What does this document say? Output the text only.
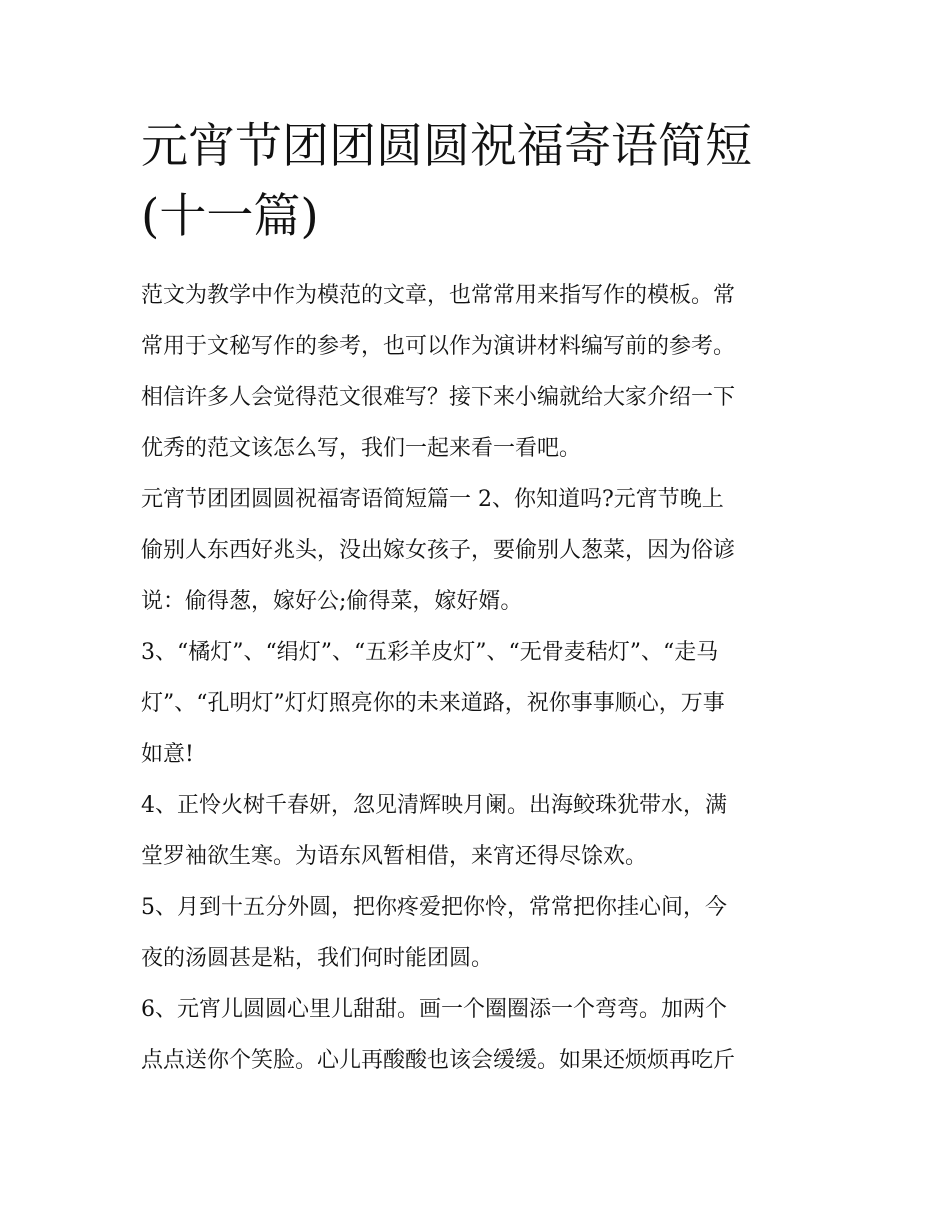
元宵节团团圆圆祝福寄语简短
(十一篇)

范文为教学中作为模范的文章，也常常用来指写作的模板。常
常用于文秘写作的参考，也可以作为演讲材料编写前的参考。
相信许多人会觉得范文很难写？接下来小编就给大家介绍一下
优秀的范文该怎么写，我们一起来看一看吧。

元宵节团团圆圆祝福寄语简短篇一 2、你知道吗?元宵节晚上
偷别人东西好兆头，没出嫁女孩子，要偷别人葱菜，因为俗谚
说：偷得葱，嫁好公;偷得菜，嫁好婿。

3、“橘灯”、“绢灯”、“五彩羊皮灯”、“无骨麦秸灯”、“走马
灯”、“孔明灯”灯灯照亮你的未来道路，祝你事事顺心，万事
如意!

4、正怜火树千春妍，忽见清辉映月阑。出海鲛珠犹带水，满
堂罗袖欲生寒。为语东风暂相借，来宵还得尽馀欢。

5、月到十五分外圆，把你疼爱把你怜，常常把你挂心间，今
夜的汤圆甚是粘，我们何时能团圆。

6、元宵儿圆圆心里儿甜甜。画一个圈圈添一个弯弯。加两个
点点送你个笑脸。心儿再酸酸也该会缓缓。如果还烦烦再吃斤
